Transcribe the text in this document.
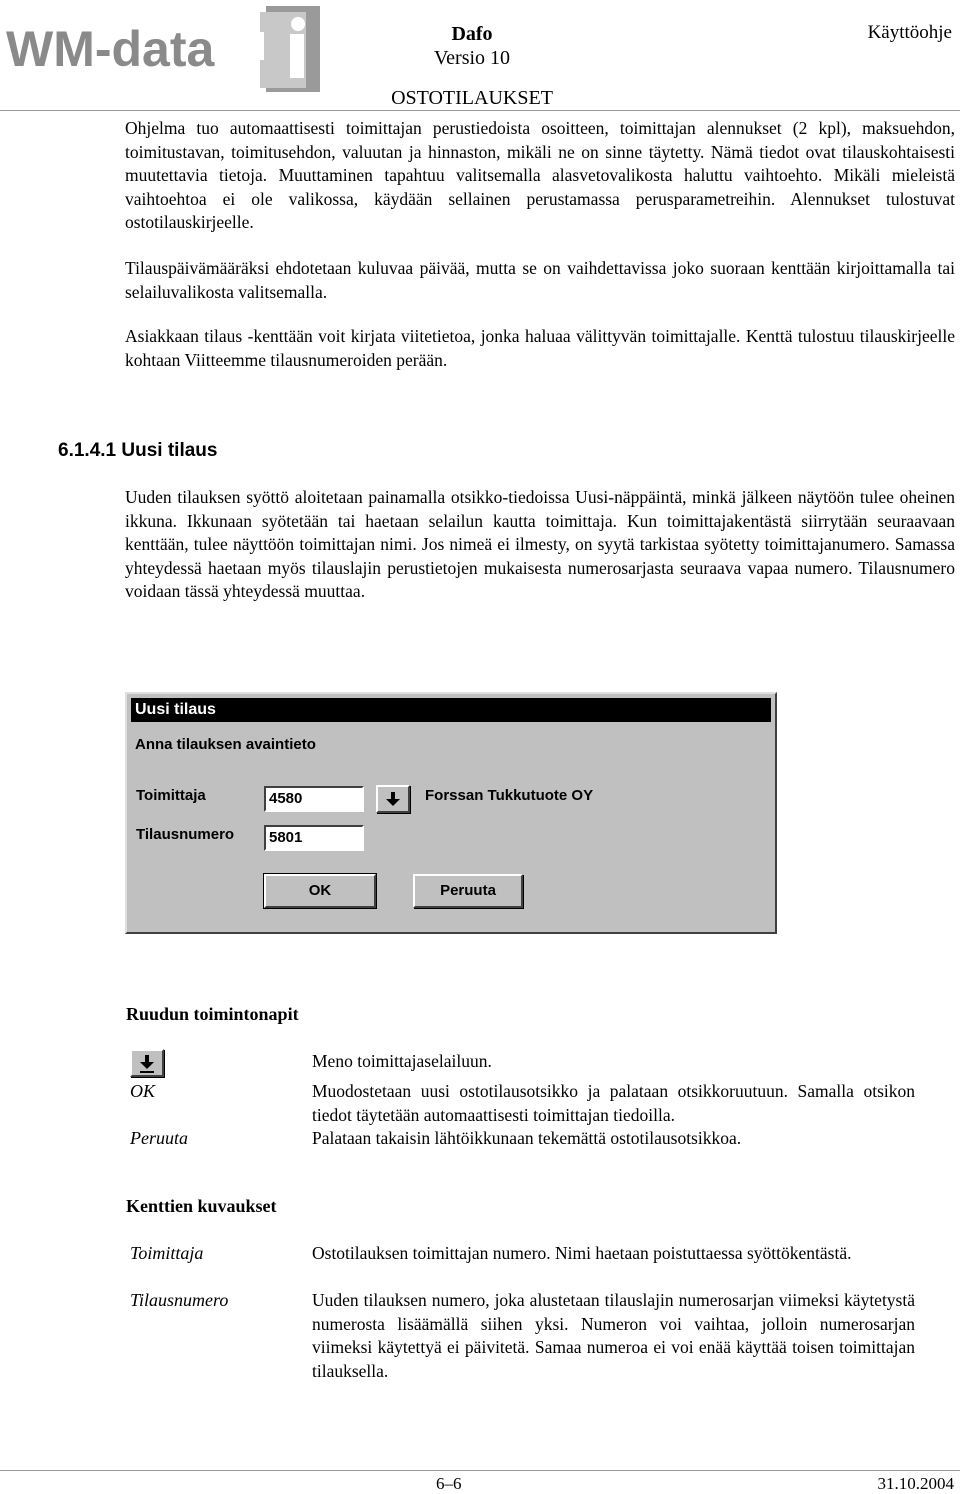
WM-data	Dafo
Versio 10
OSTOTILAUKSET
Käyttöohje

Ohjelma tuo automaattisesti toimittajan perustiedoista osoitteen, toimittajan alennukset (2 kpl), maksuehdon, toimitustavan, toimitusehdon, valuutan ja hinnaston, mikäli ne on sinne täytetty. Nämä tiedot ovat tilauskohtaisesti muutettavia tietoja. Muuttaminen tapahtuu valitsemalla alasvetovalikosta haluttu vaihtoehto. Mikäli mieleistä vaihtoehtoa ei ole valikossa, käydään sellainen perustamassa perusparametreihin. Alennukset tulostuvat ostotilauskirjeelle.

Tilauspäivämääräksi ehdotetaan kuluvaa päivää, mutta se on vaihdettavissa joko suoraan kenttään kirjoittamalla tai selailuvalikosta valitsemalla.

Asiakkaan tilaus -kenttään voit kirjata viitetietoa, jonka haluaa välittyvän toimittajalle. Kenttä tulostuu tilauskirjeelle kohtaan Viitteemme tilausnumeroiden perään.

6.1.4.1 Uusi tilaus

Uuden tilauksen syöttö aloitetaan painamalla otsikko-tiedoissa Uusi-näppäintä, minkä jälkeen näytöön tulee oheinen ikkuna. Ikkunaan syötetään tai haetaan selailun kautta toimittaja. Kun toimittajakentästä siirrytään seuraavaan kenttään, tulee näyttöön toimittajan nimi. Jos nimeä ei ilmesty, on syytä tarkistaa syötetty toimittajanumero. Samassa yhteydessä haetaan myös tilauslajin perustietojen mukaisesta numerosarjasta seuraava vapaa numero. Tilausnumero voidaan tässä yhteydessä muuttaa.

Uusi tilaus
Anna tilauksen avaintieto
Toimittaja	4580	Forssan Tukkutuote OY
Tilausnumero	5801
OK	Peruuta
Ruudun toimintonapit

Meno toimittajaselailuun.

OK	Muodostetaan uusi ostotilausotsikko ja palataan otsikkoruutuun. Samalla otsikon tiedot täytetään automaattisesti toimittajan tiedoilla.

Peruuta	Palataan takaisin lähtöikkunaan tekemättä ostotilausotsikkoa.

Kenttien kuvaukset
Toimittaja	Ostotilauksen toimittajan numero. Nimi haetaan poistuttaessa syöttökentästä.

Tilausnumero	Uuden tilauksen numero, joka alustetaan tilauslajin numerosarjan viimeksi käytetystä numerosta lisäämällä siihen yksi. Numeron voi vaihtaa, jolloin numerosarjan viimeksi käytettyä ei päivitetä. Samaa numeroa ei voi enää käyttää toisen toimittajan tilauksella.

6–6	31.10.2004
